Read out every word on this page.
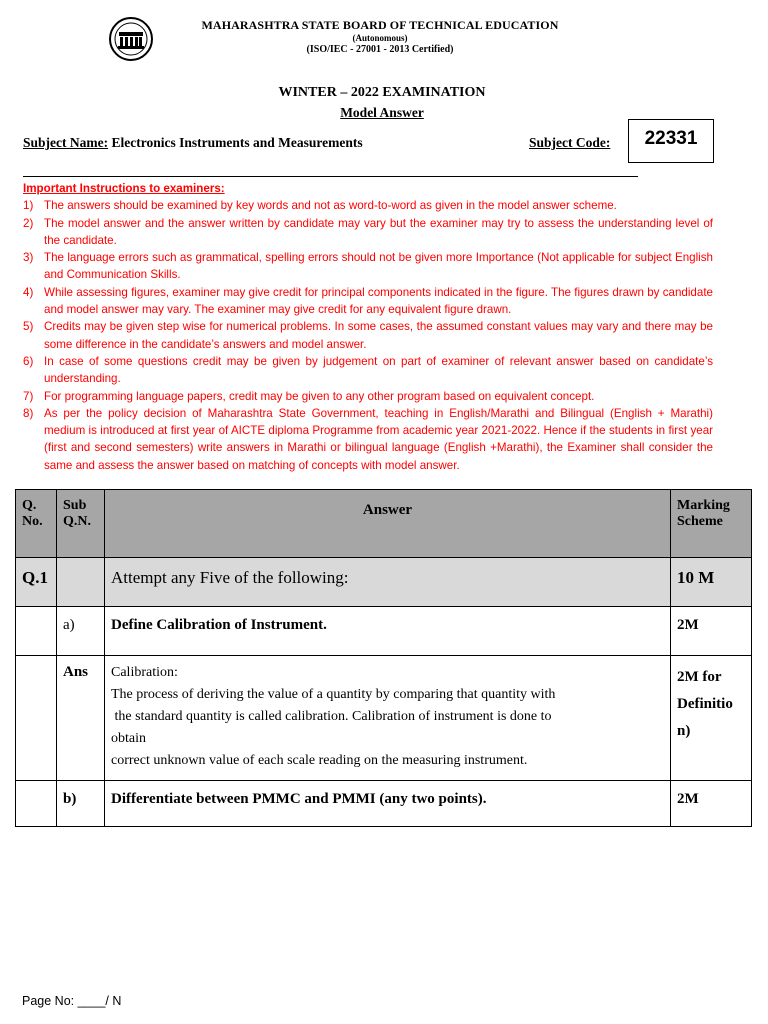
MAHARASHTRA STATE BOARD OF TECHNICAL EDUCATION
(Autonomous)
(ISO/IEC - 27001 - 2013 Certified)
WINTER – 2022 EXAMINATION
Model Answer
Subject Name: Electronics Instruments and Measurements	Subject Code:	22331
Important Instructions to examiners:
1) The answers should be examined by key words and not as word-to-word as given in the model answer scheme.
2) The model answer and the answer written by candidate may vary but the examiner may try to assess the understanding level of the candidate.
3) The language errors such as grammatical, spelling errors should not be given more Importance (Not applicable for subject English and Communication Skills.
4) While assessing figures, examiner may give credit for principal components indicated in the figure. The figures drawn by candidate and model answer may vary. The examiner may give credit for any equivalent figure drawn.
5) Credits may be given step wise for numerical problems. In some cases, the assumed constant values may vary and there may be some difference in the candidate’s answers and model answer.
6) In case of some questions credit may be given by judgement on part of examiner of relevant answer based on candidate’s understanding.
7) For programming language papers, credit may be given to any other program based on equivalent concept.
8) As per the policy decision of Maharashtra State Government, teaching in English/Marathi and Bilingual (English + Marathi) medium is introduced at first year of AICTE diploma Programme from academic year 2021-2022. Hence if the students in first year (first and second semesters) write answers in Marathi or bilingual language (English +Marathi), the Examiner shall consider the same and assess the answer based on matching of concepts with model answer.
Q. No.	Sub Q.N.	Answer	Marking Scheme
Q.1		Attempt any Five of the following:	10 M
	a)	Define Calibration of Instrument.	2M
	Ans	Calibration:
The process of deriving the value of a quantity by comparing that quantity with
the standard quantity is called calibration. Calibration of instrument is done to
obtain
correct unknown value of each scale reading on the measuring instrument.	2M for Definitio n)
	b)	Differentiate between PMMC and PMMI (any two points).	2M
Page No: ____/ N
